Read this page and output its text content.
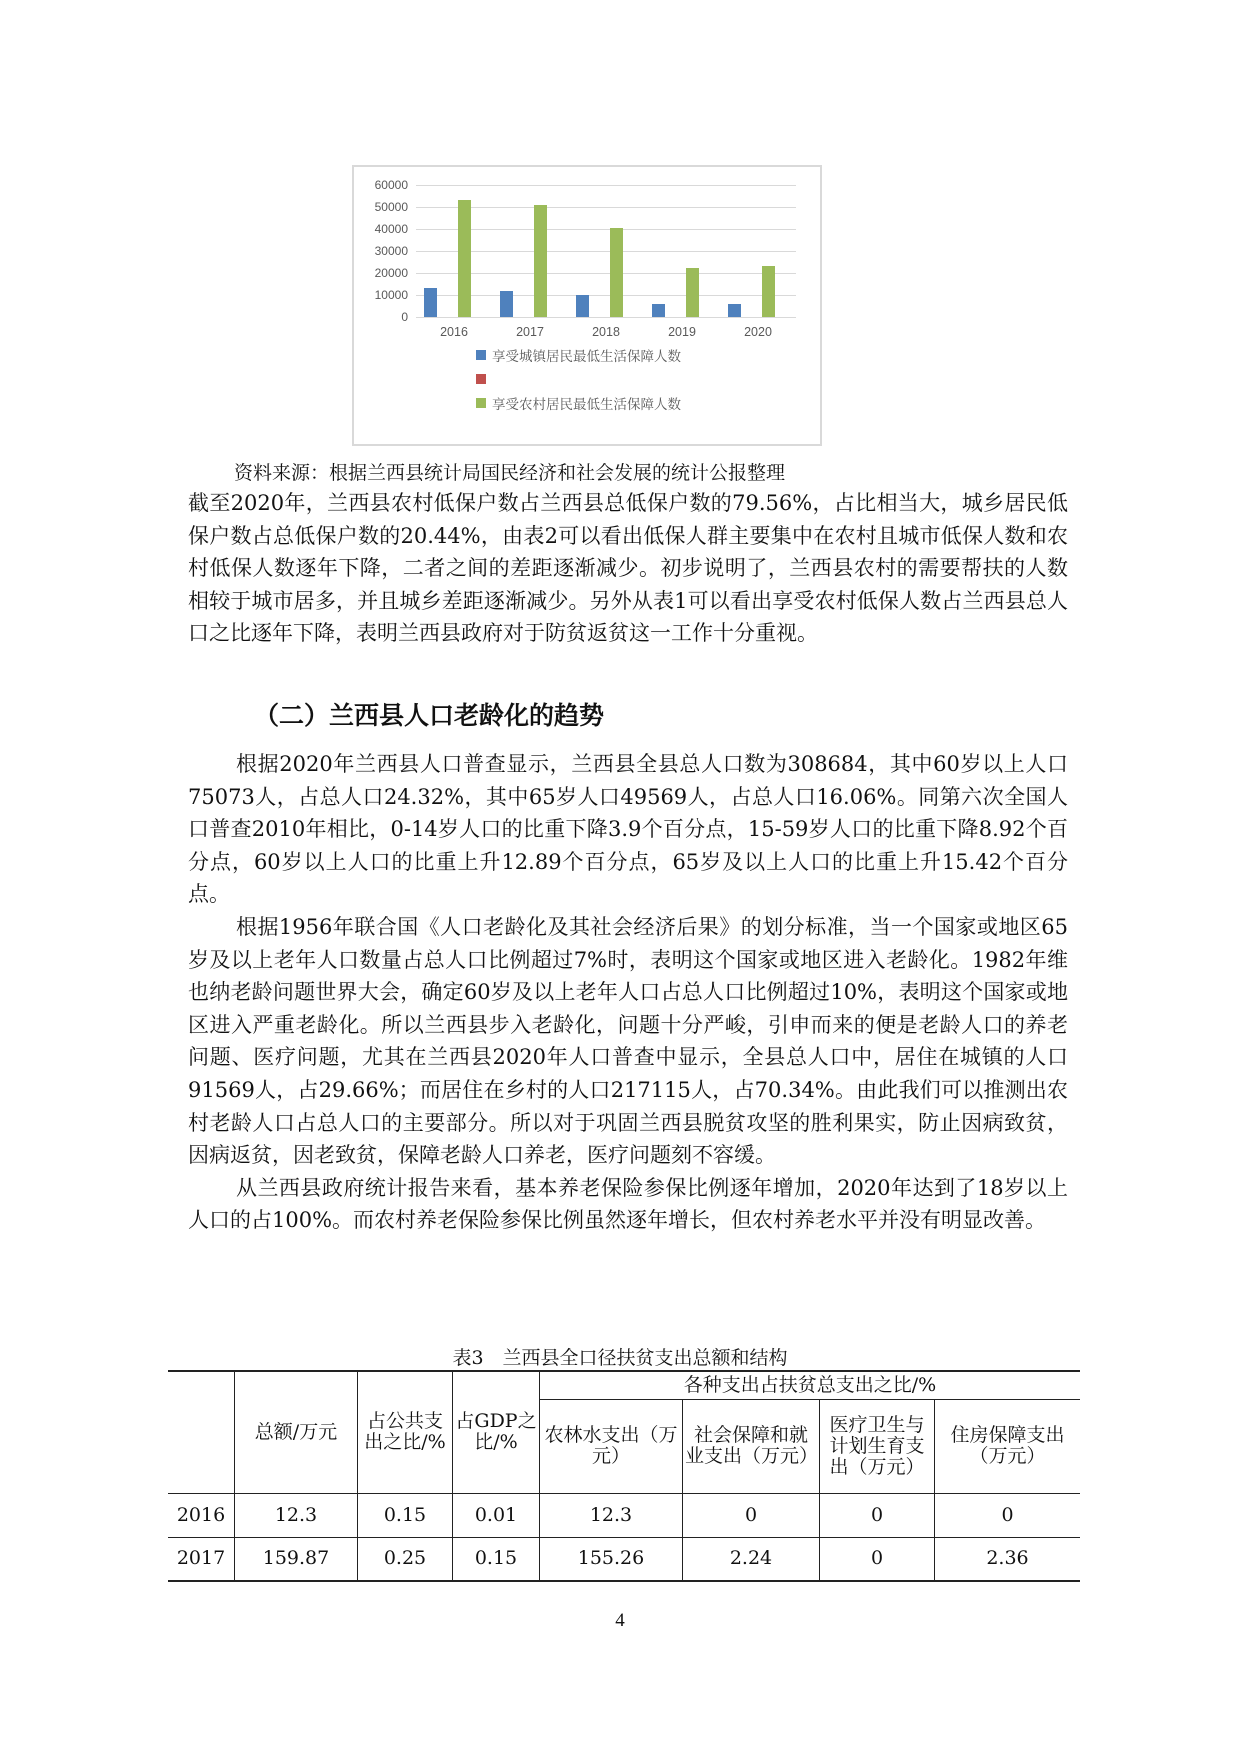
60000
50000
40000
30000
20000
10000
0
2016	2017	2018	2019	2020
享受城镇居民最低生活保障人数
享受农村居民最低生活保障人数
资料来源：根据兰西县统计局国民经济和社会发展的统计公报整理

截至2020年，兰西县农村低保户数占兰西县总低保户数的79.56%，占比相当大，城乡居民低保户数占总低保户数的20.44%，由表2可以看出低保人群主要集中在农村且城市低保人数和农村低保人数逐年下降，二者之间的差距逐渐减少。初步说明了，兰西县农村的需要帮扶的人数相较于城市居多，并且城乡差距逐渐减少。另外从表1可以看出享受农村低保人数占兰西县总人口之比逐年下降，表明兰西县政府对于防贫返贫这一工作十分重视。

（二）兰西县人口老龄化的趋势

根据2020年兰西县人口普查显示，兰西县全县总人口数为308684，其中60岁以上人口75073人，占总人口24.32%，其中65岁人口49569人，占总人口16.06%。同第六次全国人口普查2010年相比，0-14岁人口的比重下降3.9个百分点，15-59岁人口的比重下降8.92个百分点，60岁以上人口的比重上升12.89个百分点，65岁及以上人口的比重上升15.42个百分点。

根据1956年联合国《人口老龄化及其社会经济后果》的划分标准，当一个国家或地区65岁及以上老年人口数量占总人口比例超过7%时，表明这个国家或地区进入老龄化。1982年维也纳老龄问题世界大会，确定60岁及以上老年人口占总人口比例超过10%，表明这个国家或地区进入严重老龄化。所以兰西县步入老龄化，问题十分严峻，引申而来的便是老龄人口的养老问题、医疗问题，尤其在兰西县2020年人口普查中显示，全县总人口中，居住在城镇的人口91569人，占29.66%；而居住在乡村的人口217115人，占70.34%。由此我们可以推测出农村老龄人口占总人口的主要部分。所以对于巩固兰西县脱贫攻坚的胜利果实，防止因病致贫，因病返贫，因老致贫，保障老龄人口养老，医疗问题刻不容缓。

从兰西县政府统计报告来看，基本养老保险参保比例逐年增加，2020年达到了18岁以上人口的占100%。而农村养老保险参保比例虽然逐年增长，但农村养老水平并没有明显改善。

表3　兰西县全口径扶贫支出总额和结构
	总额/万元	占公共支出之比/%	占GDP之比/%	各种支出占扶贫总支出之比/%			
				农林水支出（万元）	社会保障和就业支出（万元）	医疗卫生与计划生育支出（万元）	住房保障支出（万元）
2016	12.3	0.15	0.01	12.3	0	0	0
2017	159.87	0.25	0.15	155.26	2.24	0	2.36
4
